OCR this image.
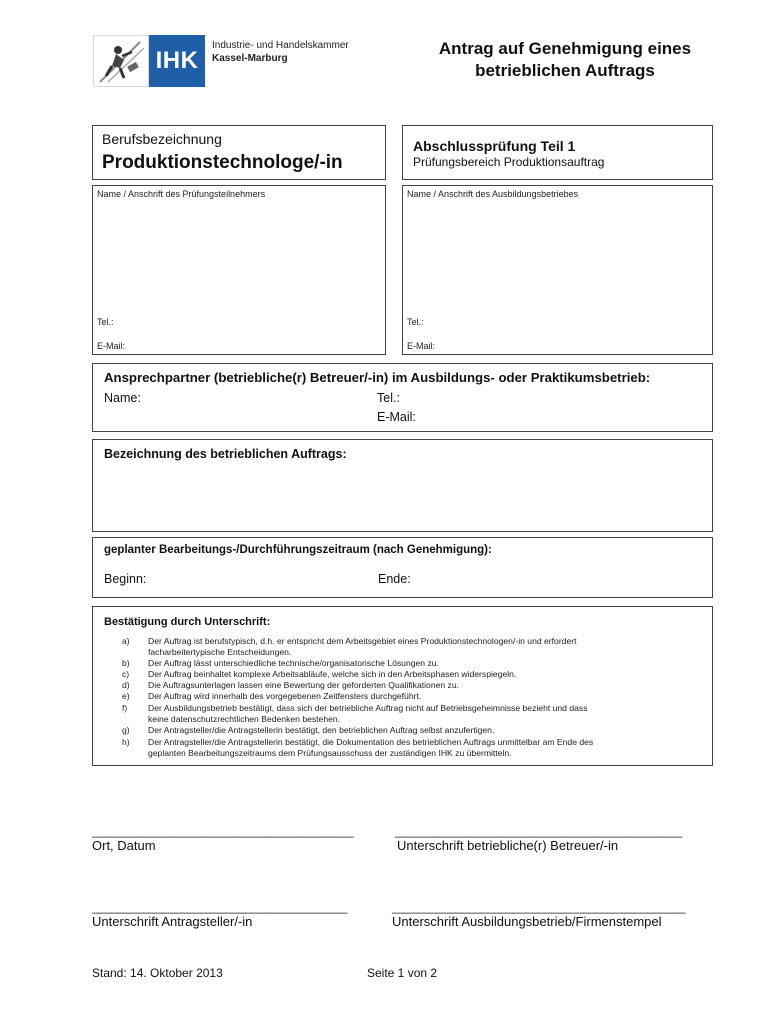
IHK
Industrie- und Handelskammer
Kassel-Marburg
Antrag auf Genehmigung eines
betrieblichen Auftrags
Berufsbezeichnung
Produktionstechnologe/-in
Abschlussprüfung Teil 1
Prüfungsbereich Produktionsauftrag
Name / Anschrift des Prüfungsteilnehmers
Tel.:
E-Mail:
Name / Anschrift des Ausbildungsbetriebes
Tel.:
E-Mail:
Ansprechpartner (betriebliche(r) Betreuer/-in) im Ausbildungs- oder Praktikumsbetrieb:
Name:	Tel.:
E-Mail:
Bezeichnung des betrieblichen Auftrags:
geplanter Bearbeitungs-/Durchführungszeitraum (nach Genehmigung):
Beginn:	Ende:
Bestätigung durch Unterschrift:
a) Der Auftrag ist berufstypisch, d.h. er entspricht dem Arbeitsgebiet eines Produktionstechnologen/-in und erfordert
facharbeitertypische Entscheidungen.
b) Der Auftrag lässt unterschiedliche technische/organisatorische Lösungen zu.
c) Der Auftrag beinhaltet komplexe Arbeitsabläufe, welche sich in den Arbeitsphasen widerspiegeln.
d) Die Auftragsunterlagen lassen eine Bewertung der geforderten Qualifikationen zu.
e) Der Auftrag wird innerhalb des vorgegebenen Zeitfensters durchgeführt.
f) Der Ausbildungsbetrieb bestätigt, dass sich der betriebliche Auftrag nicht auf Betriebsgeheimnisse bezieht und dass
keine datenschutzrechtlichen Bedenken bestehen.
g) Der Antragsteller/die Antragstellerin bestätigt, den betrieblichen Auftrag selbst anzufertigen.
h) Der Antragsteller/die Antragstellerin bestätigt, die Dokumentation des betrieblichen Auftrags unmittelbar am Ende des
geplanten Bearbeitungszeitraums dem Prüfungsausschuss der zuständigen IHK zu übermitteln.
_________________________________________	_____________________________________________
Ort, Datum	Unterschrift betriebliche(r) Betreuer/-in
________________________________________	______________________________________________
Unterschrift Antragsteller/-in	Unterschrift Ausbildungsbetrieb/Firmenstempel
Stand: 14. Oktober 2013	Seite 1 von 2
